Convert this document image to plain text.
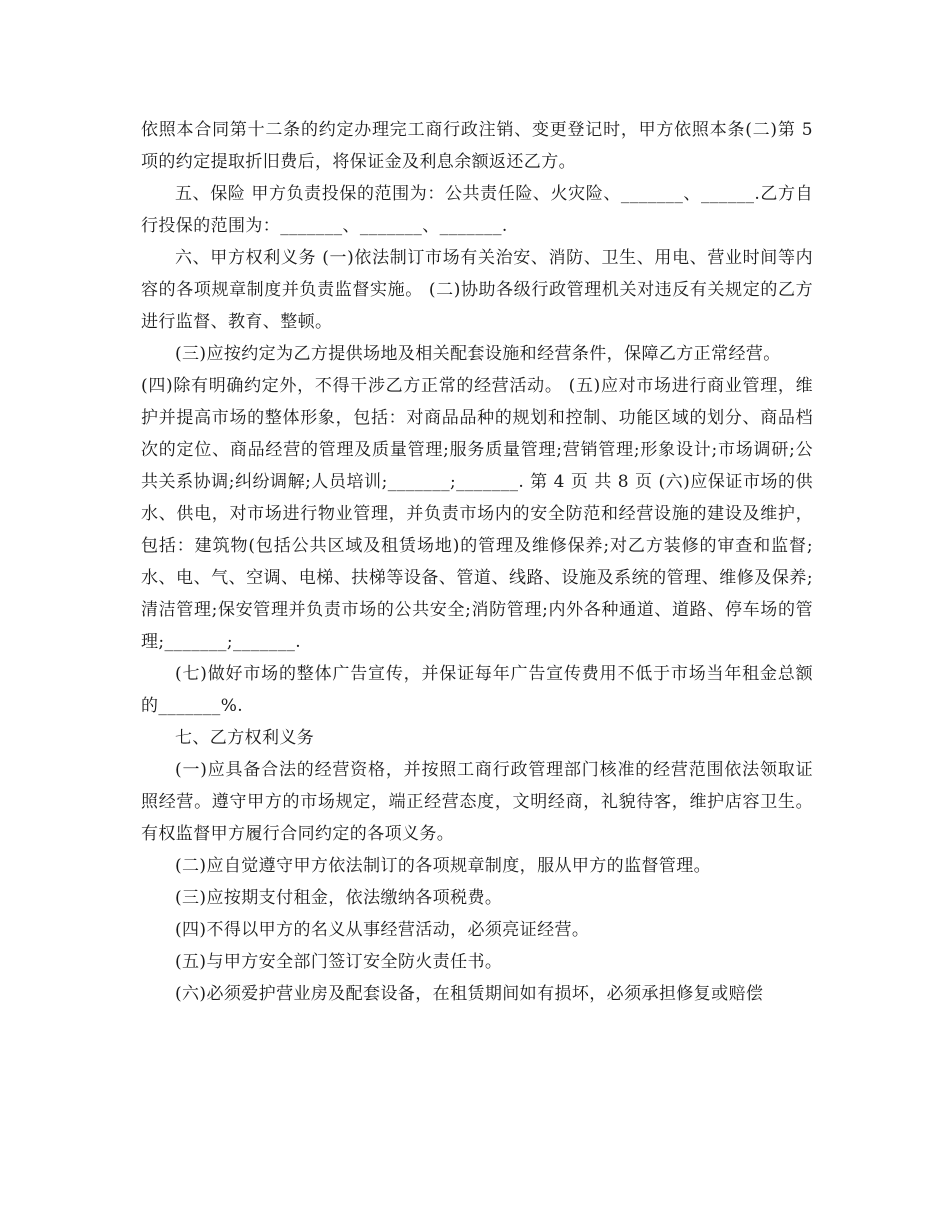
依照本合同第十二条的约定办理完工商行政注销、变更登记时，甲方依照本条(二)第 5 项的约定提取折旧费后，将保证金及利息余额返还乙方。

五、保险 甲方负责投保的范围为：公共责任险、火灾险、_______、______.乙方自行投保的范围为：_______、_______、_______.

六、甲方权利义务 (一)依法制订市场有关治安、消防、卫生、用电、营业时间等内容的各项规章制度并负责监督实施。 (二)协助各级行政管理机关对违反有关规定的乙方进行监督、教育、整顿。

(三)应按约定为乙方提供场地及相关配套设施和经营条件，保障乙方正常经营。

(四)除有明确约定外，不得干涉乙方正常的经营活动。 (五)应对市场进行商业管理，维护并提高市场的整体形象，包括：对商品品种的规划和控制、功能区域的划分、商品档次的定位、商品经营的管理及质量管理;服务质量管理;营销管理;形象设计;市场调研;公共关系协调;纠纷调解;人员培训;_______;_______. 第 4 页 共 8 页 (六)应保证市场的供水、供电，对市场进行物业管理，并负责市场内的安全防范和经营设施的建设及维护，包括：建筑物(包括公共区域及租赁场地)的管理及维修保养;对乙方装修的审查和监督;水、电、气、空调、电梯、扶梯等设备、管道、线路、设施及系统的管理、维修及保养;清洁管理;保安管理并负责市场的公共安全;消防管理;内外各种通道、道路、停车场的管理;_______;_______.

(七)做好市场的整体广告宣传，并保证每年广告宣传费用不低于市场当年租金总额的_______%.

七、乙方权利义务

(一)应具备合法的经营资格，并按照工商行政管理部门核准的经营范围依法领取证照经营。遵守甲方的市场规定，端正经营态度，文明经商，礼貌待客，维护店容卫生。有权监督甲方履行合同约定的各项义务。

(二)应自觉遵守甲方依法制订的各项规章制度，服从甲方的监督管理。

(三)应按期支付租金，依法缴纳各项税费。

(四)不得以甲方的名义从事经营活动，必须亮证经营。

(五)与甲方安全部门签订安全防火责任书。

(六)必须爱护营业房及配套设备，在租赁期间如有损坏，必须承担修复或赔偿
